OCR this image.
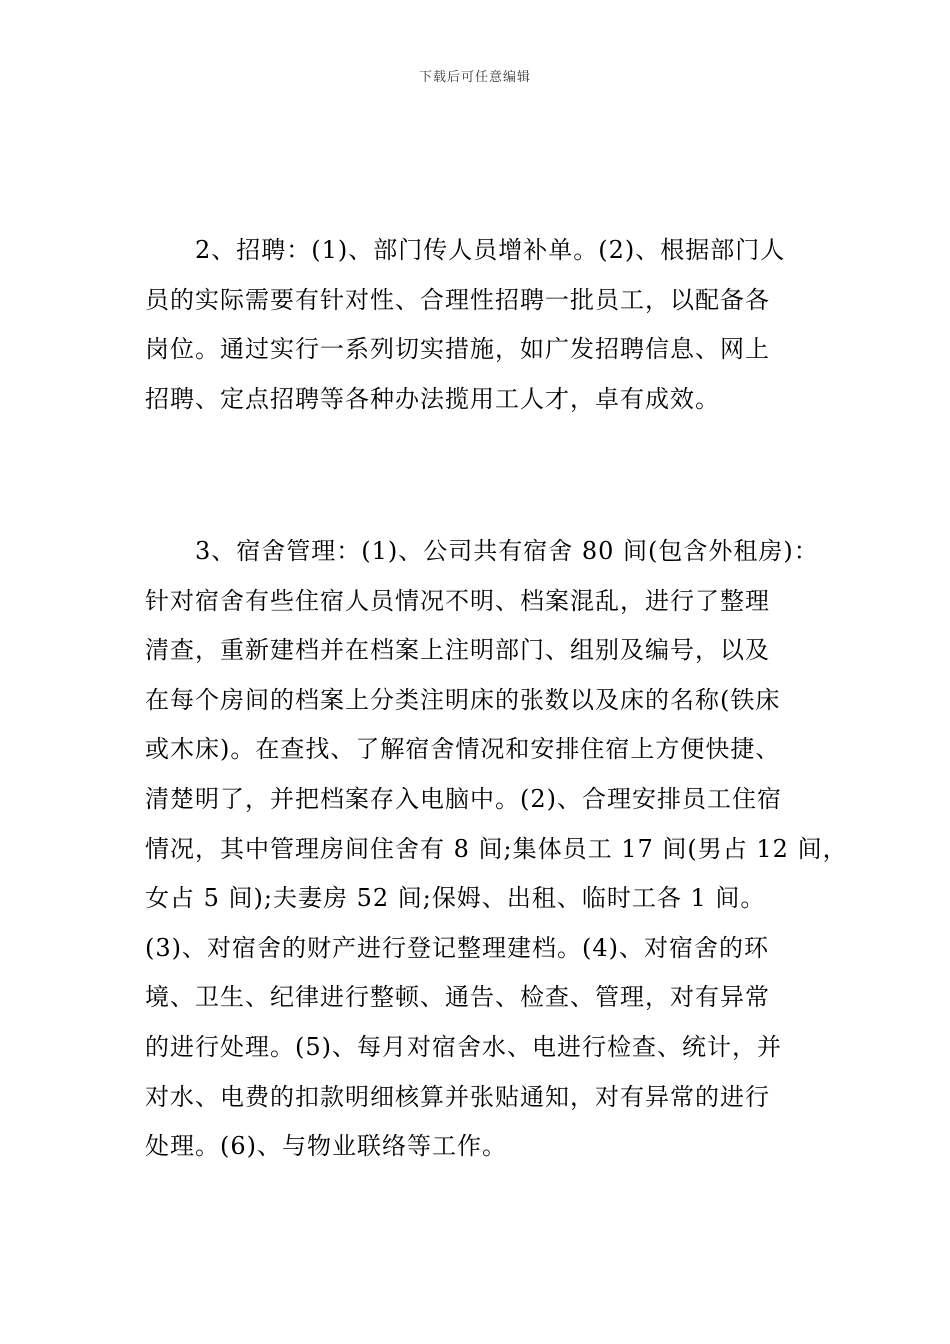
下载后可任意编辑

2、招聘：(1)、部门传人员增补单。(2)、根据部门人
员的实际需要有针对性、合理性招聘一批员工，以配备各
岗位。通过实行一系列切实措施，如广发招聘信息、网上
招聘、定点招聘等各种办法揽用工人才，卓有成效。

3、宿舍管理：(1)、公司共有宿舍 80 间(包含外租房)：
针对宿舍有些住宿人员情况不明、档案混乱，进行了整理
清查，重新建档并在档案上注明部门、组别及编号，以及
在每个房间的档案上分类注明床的张数以及床的名称(铁床
或木床)。在查找、了解宿舍情况和安排住宿上方便快捷、
清楚明了，并把档案存入电脑中。(2)、合理安排员工住宿
情况，其中管理房间住舍有 8 间;集体员工 17 间(男占 12 间，
女占 5 间);夫妻房 52 间;保姆、出租、临时工各 1 间。
(3)、对宿舍的财产进行登记整理建档。(4)、对宿舍的环
境、卫生、纪律进行整顿、通告、检查、管理，对有异常
的进行处理。(5)、每月对宿舍水、电进行检查、统计，并
对水、电费的扣款明细核算并张贴通知，对有异常的进行
处理。(6)、与物业联络等工作。
